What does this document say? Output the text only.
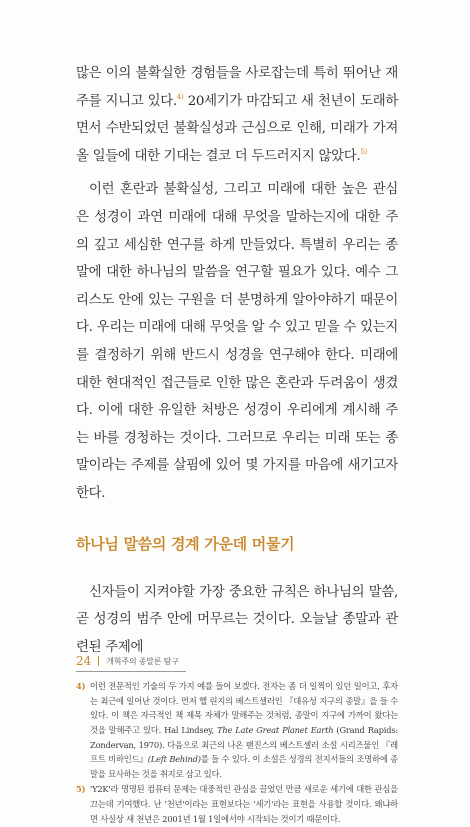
많은 이의 불확실한 경험들을 사로잡는데 특히 뛰어난 재주를 지니고 있다.$^{4)}$ 20세기가 마감되고 새 천년이 도래하면서 수반되었던 불확실성과 근심으로 인해, 미래가 가져올 일들에 대한 기대는 결코 더 두드러지지 않았다.$^{5)}$

이런 혼란과 불확실성, 그리고 미래에 대한 높은 관심은 성경이 과연 미래에 대해 무엇을 말하는지에 대한 주의 깊고 세심한 연구를 하게 만들었다. 특별히 우리는 종말에 대한 하나님의 말씀을 연구할 필요가 있다. 예수 그리스도 안에 있는 구원을 더 분명하게 알아야하기 때문이다. 우리는 미래에 대해 무엇을 알 수 있고 믿을 수 있는지를 결정하기 위해 반드시 성경을 연구해야 한다. 미래에 대한 현대적인 접근들로 인한 많은 혼란과 두려움이 생겼다. 이에 대한 유일한 처방은 성경이 우리에게 계시해 주는 바를 경청하는 것이다. 그러므로 우리는 미래 또는 종말이라는 주제를 살핌에 있어 몇 가지를 마음에 새기고자 한다.

하나님 말씀의 경계 가운데 머물기

신자들이 지켜야할 가장 중요한 규칙은 하나님의 말씀, 곧 성경의 범주 안에 머무르는 것이다. 오늘날 종말과 관련된 주제에

4) 이런 전문적인 기술의 두 가지 예를 들어 보겠다. 전자는 좀 더 일찍이 있던 일이고, 후자는 최근에 일어난 것이다. 먼저 헬 린지의 베스트셀러인 『대유성 지구의 종말』을 들 수 있다. 이 책은 자극적인 책 제목 자체가 말해주는 것처럼, 종말이 지구에 가까이 왔다는 것을 말해주고 있다. Hal Lindsey, The Late Great Planet Earth (Grand Rapids: Zondervan, 1970). 다음으로 최근의 나온 팬진스의 베스트셀러 소설 시리즈물인 『레프트 비하인드』(Left Behind)를 들 수 있다. 이 소설은 성경의 전지서들의 조명하에 종말을 묘사하는 것을 취지로 삼고 있다.

5) 'Y2K'라 명명된 컴퓨터 문제는 대중적인 관심을 끌었던 만큼 새로운 세기에 대한 관심을 끄는데 기여했다. 난 '천년'이라는 표현보다는 '세기'라는 표현을 사용할 것이다. 왜냐하면 사실상 새 천년은 2001년 1월 1일에서야 시작되는 것이기 때문이다.

24 개혁주의 종말론 탐구
